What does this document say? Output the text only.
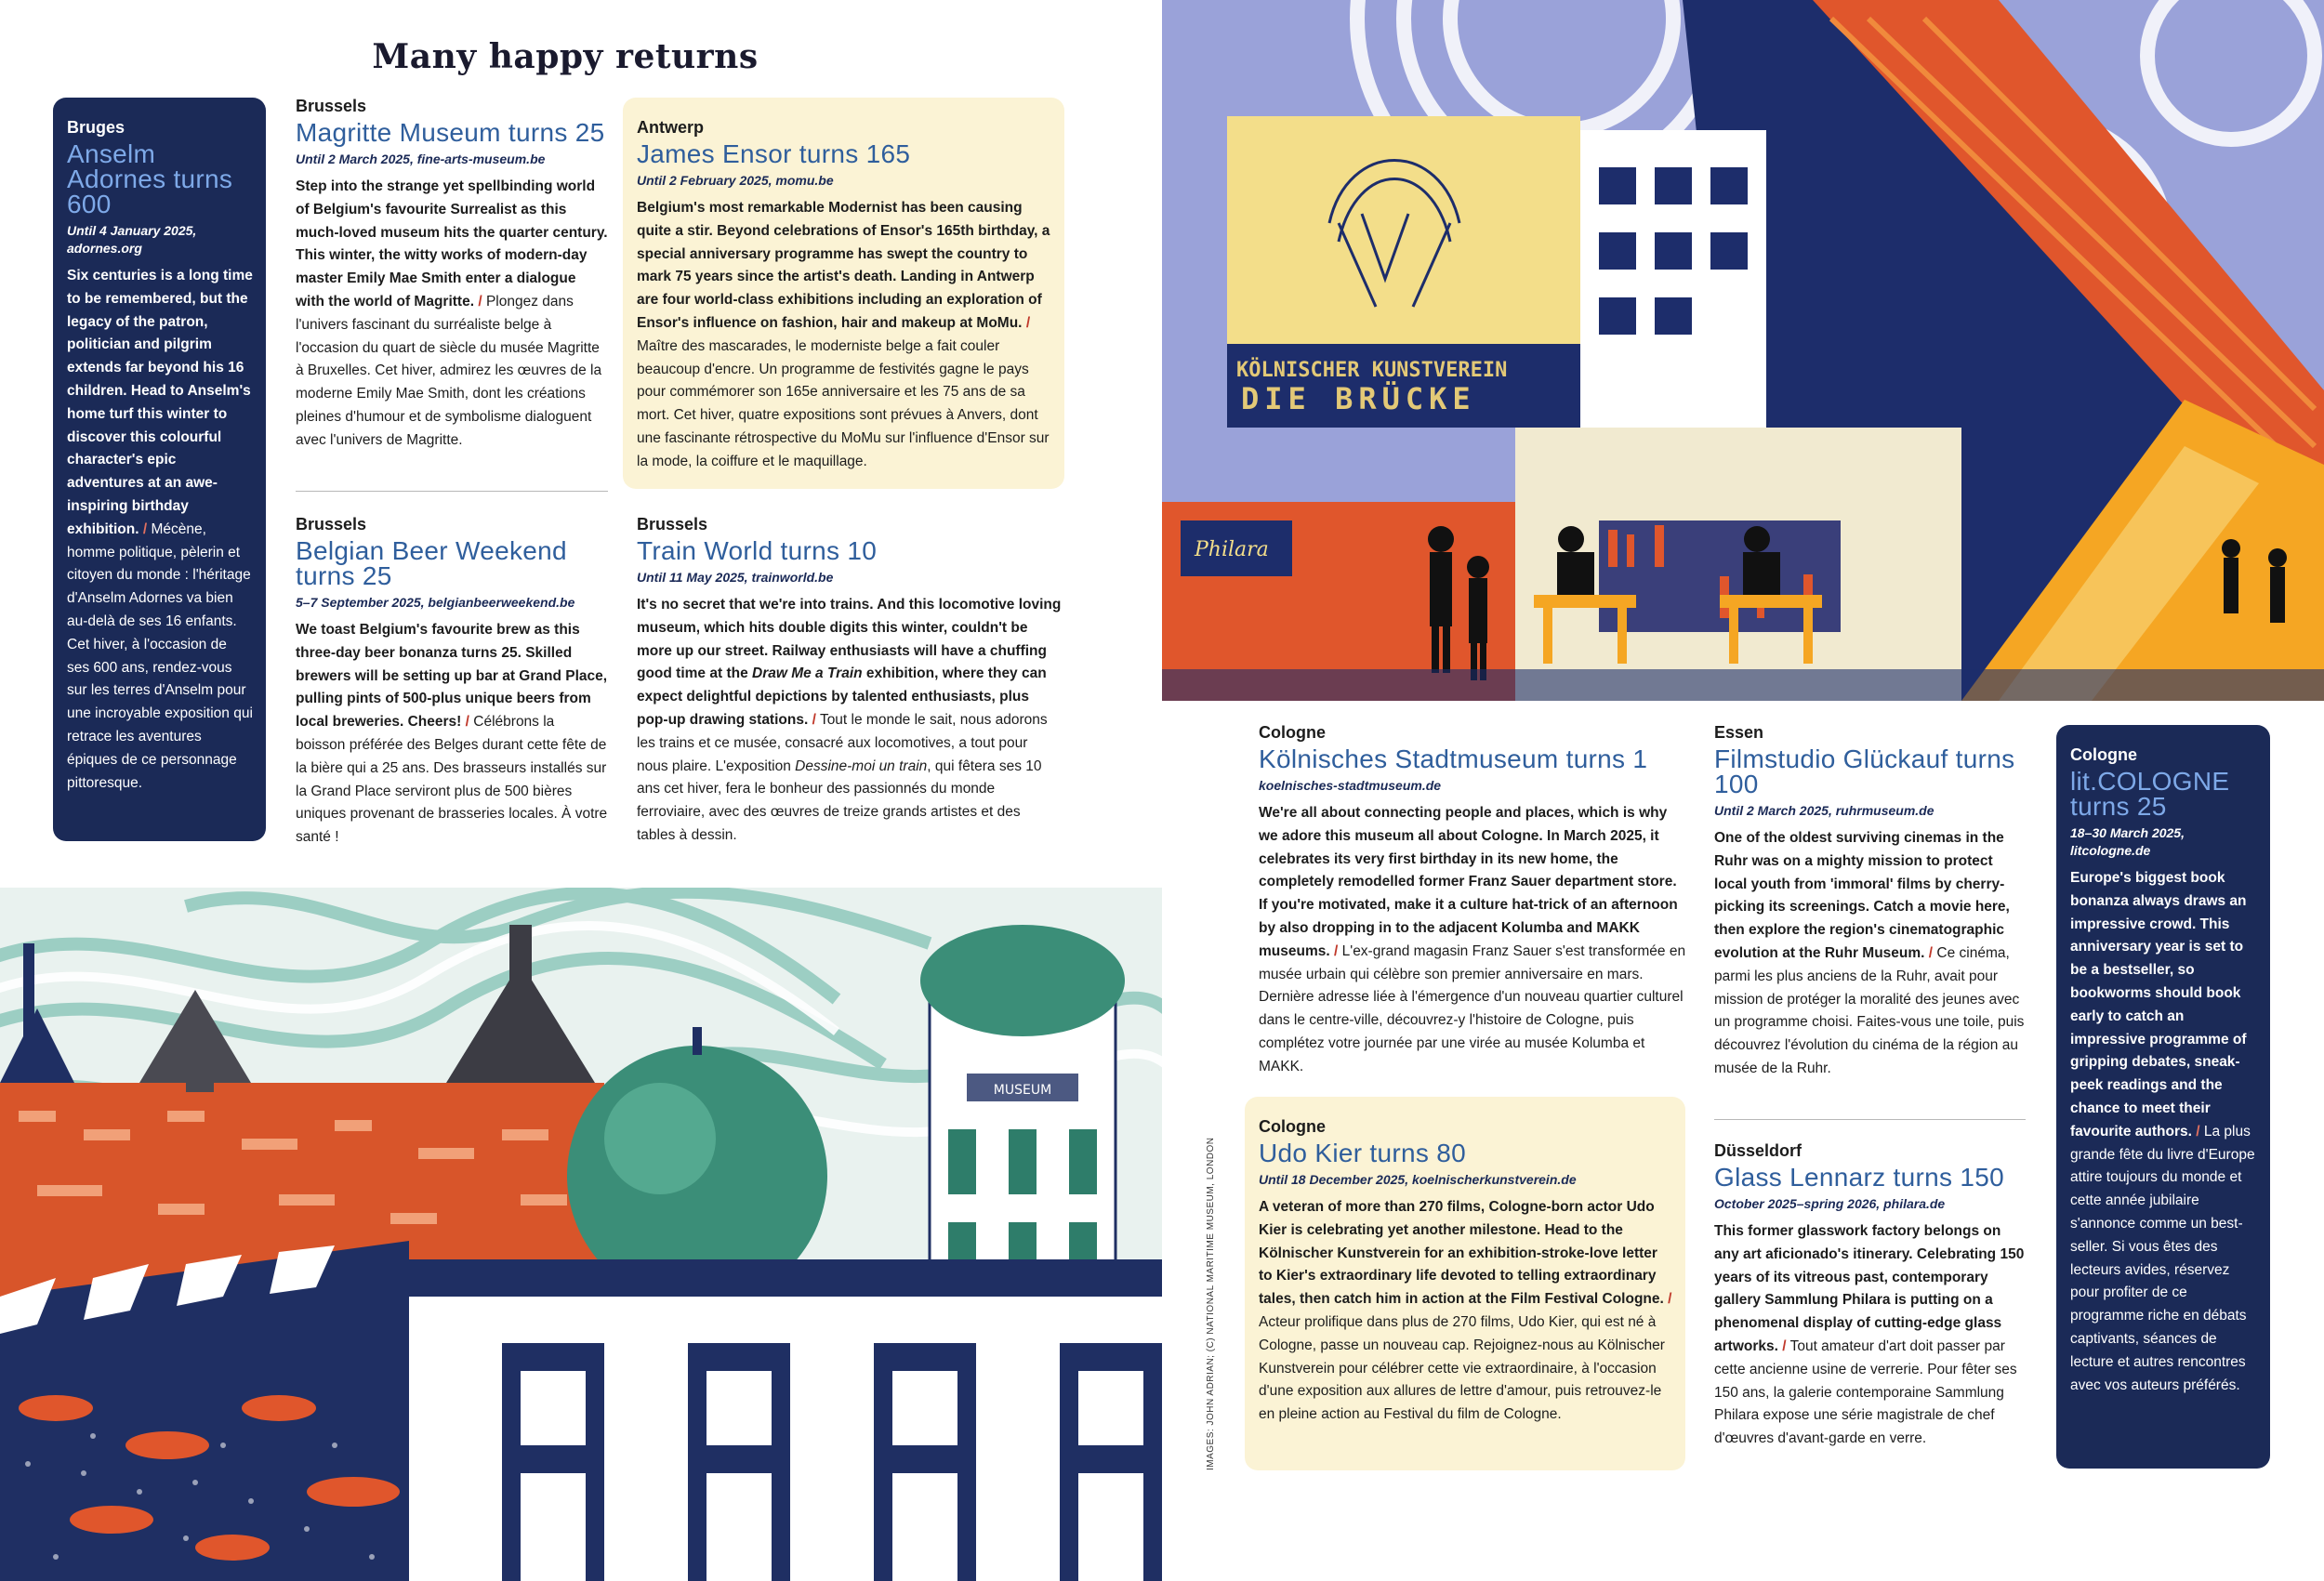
Many happy returns
Bruges
Anselm Adornes turns 600
Until 4 January 2025, adornes.org

Six centuries is a long time to be remembered, but the legacy of the patron, politician and pilgrim extends far beyond his 16 children. Head to Anselm's home turf this winter to discover this colourful character's epic adventures at an awe-inspiring birthday exhibition. / Mécène, homme politique, pèlerin et citoyen du monde : l'héritage d'Anselm Adornes va bien au-delà de ses 16 enfants. Cet hiver, à l'occasion de ses 600 ans, rendez-vous sur les terres d'Anselm pour une incroyable exposition qui retrace les aventures épiques de ce personnage pittoresque.

Brussels
Magritte Museum turns 25
Until 2 March 2025, fine-arts-museum.be

Step into the strange yet spellbinding world of Belgium's favourite Surrealist as this much-loved museum hits the quarter century. This winter, the witty works of modern-day master Emily Mae Smith enter a dialogue with the world of Magritte. / Plongez dans l'univers fascinant du surréaliste belge à l'occasion du quart de siècle du musée Magritte à Bruxelles. Cet hiver, admirez les œuvres de la moderne Emily Mae Smith, dont les créations pleines d'humour et de symbolisme dialoguent avec l'univers de Magritte.

Antwerp
James Ensor turns 165
Until 2 February 2025, momu.be

Belgium's most remarkable Modernist has been causing quite a stir. Beyond celebrations of Ensor's 165th birthday, a special anniversary programme has swept the country to mark 75 years since the artist's death. Landing in Antwerp are four world-class exhibitions including an exploration of Ensor's influence on fashion, hair and makeup at MoMu. / Maître des mascarades, le moderniste belge a fait couler beaucoup d'encre. Un programme de festivités gagne le pays pour commémorer son 165e anniversaire et les 75 ans de sa mort. Cet hiver, quatre expositions sont prévues à Anvers, dont une fascinante rétrospective du MoMu sur l'influence d'Ensor sur la mode, la coiffure et le maquillage.

Brussels
Belgian Beer Weekend turns 25
5–7 September 2025, belgianbeerweekend.be

We toast Belgium's favourite brew as this three-day beer bonanza turns 25. Skilled brewers will be setting up bar at Grand Place, pulling pints of 500-plus unique beers from local breweries. Cheers! / Célébrons la boisson préférée des Belges durant cette fête de la bière qui a 25 ans. Des brasseurs installés sur la Grand Place serviront plus de 500 bières uniques provenant de brasseries locales. À votre santé !

Brussels
Train World turns 10
Until 11 May 2025, trainworld.be

It's no secret that we're into trains. And this locomotive loving museum, which hits double digits this winter, couldn't be more up our street. Railway enthusiasts will have a chuffing good time at the Draw Me a Train exhibition, where they can expect delightful depictions by talented enthusiasts, plus pop-up drawing stations. / Tout le monde le sait, nous adorons les trains et ce musée, consacré aux locomotives, a tout pour nous plaire. L'exposition Dessine-moi un train, qui fêtera ses 10 ans cet hiver, fera le bonheur des passionnés du monde ferroviaire, avec des œuvres de treize grands artistes et des tables à dessin.

MUSEUM
KÖLNISCHER KUNSTVEREIN
DIE BRÜCKE
Philara
IMAGES: JOHN ADRIAN; (C) NATIONAL MARITIME MUSEUM, LONDON
Cologne
Kölnisches Stadtmuseum turns 1
koelnisches-stadtmuseum.de

We're all about connecting people and places, which is why we adore this museum all about Cologne. In March 2025, it celebrates its very first birthday in its new home, the completely remodelled former Franz Sauer department store. If you're motivated, make it a culture hat-trick of an afternoon by also dropping in to the adjacent Kolumba and MAKK museums. / L'ex-grand magasin Franz Sauer s'est transformée en musée urbain qui célèbre son premier anniversaire en mars. Dernière adresse liée à l'émergence d'un nouveau quartier culturel dans le centre-ville, découvrez-y l'histoire de Cologne, puis complétez votre journée par une virée au musée Kolumba et MAKK.

Cologne
Udo Kier turns 80
Until 18 December 2025, koelnischerkunstverein.de

A veteran of more than 270 films, Cologne-born actor Udo Kier is celebrating yet another milestone. Head to the Kölnischer Kunstverein for an exhibition-stroke-love letter to Kier's extraordinary life devoted to telling extraordinary tales, then catch him in action at the Film Festival Cologne. / Acteur prolifique dans plus de 270 films, Udo Kier, qui est né à Cologne, passe un nouveau cap. Rejoignez-nous au Kölnischer Kunstverein pour célébrer cette vie extraordinaire, à l'occasion d'une exposition aux allures de lettre d'amour, puis retrouvez-le en pleine action au Festival du film de Cologne.

Essen
Filmstudio Glückauf turns 100
Until 2 March 2025, ruhrmuseum.de

One of the oldest surviving cinemas in the Ruhr was on a mighty mission to protect local youth from 'immoral' films by cherry-picking its screenings. Catch a movie here, then explore the region's cinematographic evolution at the Ruhr Museum. / Ce cinéma, parmi les plus anciens de la Ruhr, avait pour mission de protéger la moralité des jeunes avec un programme choisi. Faites-vous une toile, puis découvrez l'évolution du cinéma de la région au musée de la Ruhr.

Düsseldorf
Glass Lennarz turns 150
October 2025–spring 2026, philara.de

This former glasswork factory belongs on any art aficionado's itinerary. Celebrating 150 years of its vitreous past, contemporary gallery Sammlung Philara is putting on a phenomenal display of cutting-edge glass artworks. / Tout amateur d'art doit passer par cette ancienne usine de verrerie. Pour fêter ses 150 ans, la galerie contemporaine Sammlung Philara expose une série magistrale de chef d'œuvres d'avant-garde en verre.

Cologne
lit.COLOGNE turns 25
18–30 March 2025, litcologne.de

Europe's biggest book bonanza always draws an impressive crowd. This anniversary year is set to be a bestseller, so bookworms should book early to catch an impressive programme of gripping debates, sneak-peek readings and the chance to meet their favourite authors. / La plus grande fête du livre d'Europe attire toujours du monde et cette année jubilaire s'annonce comme un best-seller. Si vous êtes des lecteurs avides, réservez pour profiter de ce programme riche en débats captivants, séances de lecture et autres rencontres avec vos auteurs préférés.
